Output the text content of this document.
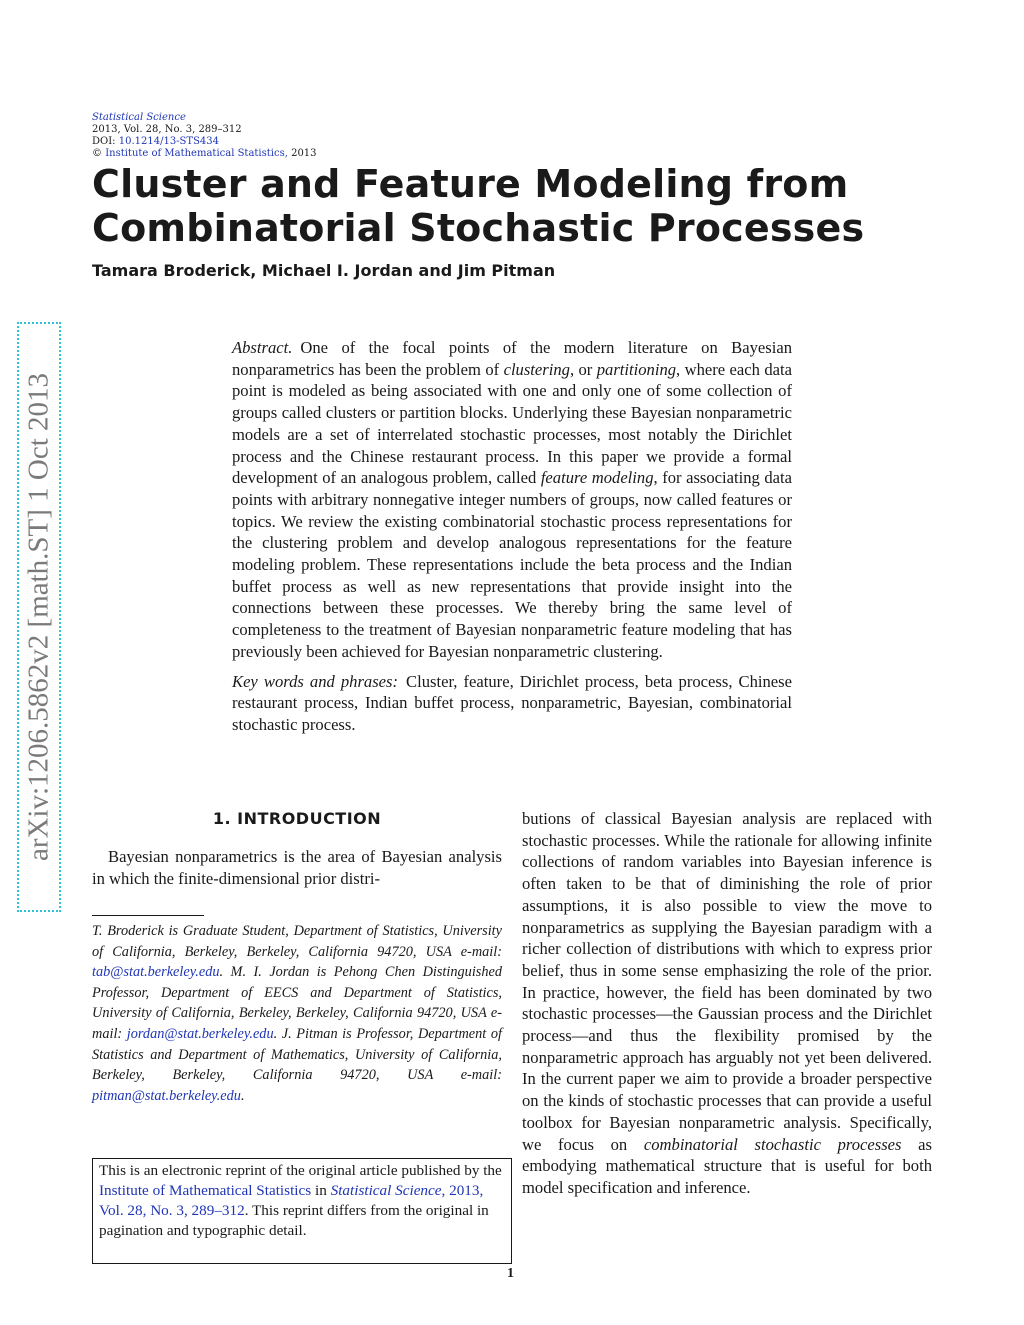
arXiv:1206.5862v2 [math.ST] 1 Oct 2013
Statistical Science
2013, Vol. 28, No. 3, 289–312
DOI: 10.1214/13-STS434
© Institute of Mathematical Statistics, 2013
Cluster and Feature Modeling from
Combinatorial Stochastic Processes
Tamara Broderick, Michael I. Jordan and Jim Pitman

Abstract. One of the focal points of the modern literature on Bayesian nonparametrics has been the problem of clustering, or partitioning, where each data point is modeled as being associated with one and only one of some collection of groups called clusters or partition blocks. Underlying these Bayesian nonparametric models are a set of interrelated stochastic processes, most notably the Dirichlet process and the Chinese restaurant process. In this paper we provide a formal development of an analogous problem, called feature modeling, for associating data points with arbitrary nonnegative integer numbers of groups, now called features or topics. We review the existing combinatorial stochastic process representations for the clustering problem and develop analogous representations for the feature modeling problem. These representations include the beta process and the Indian buffet process as well as new representations that provide insight into the connections between these processes. We thereby bring the same level of completeness to the treatment of Bayesian nonparametric feature modeling that has previously been achieved for Bayesian nonparametric clustering.

Key words and phrases: Cluster, feature, Dirichlet process, beta process, Chinese restaurant process, Indian buffet process, nonparametric, Bayesian, combinatorial stochastic process.

1. INTRODUCTION

Bayesian nonparametrics is the area of Bayesian analysis in which the finite-dimensional prior distri-

T. Broderick is Graduate Student, Department of Statistics, University of California, Berkeley, Berkeley, California 94720, USA e-mail: tab@stat.berkeley.edu. M. I. Jordan is Pehong Chen Distinguished Professor, Department of EECS and Department of Statistics, University of California, Berkeley, Berkeley, California 94720, USA e-mail: jordan@stat.berkeley.edu. J. Pitman is Professor, Department of Statistics and Department of Mathematics, University of California, Berkeley, Berkeley, California 94720, USA e-mail: pitman@stat.berkeley.edu.

This is an electronic reprint of the original article published by the Institute of Mathematical Statistics in Statistical Science, 2013, Vol. 28, No. 3, 289–312. This reprint differs from the original in pagination and typographic detail.

butions of classical Bayesian analysis are replaced with stochastic processes. While the rationale for allowing infinite collections of random variables into Bayesian inference is often taken to be that of diminishing the role of prior assumptions, it is also possible to view the move to nonparametrics as supplying the Bayesian paradigm with a richer collection of distributions with which to express prior belief, thus in some sense emphasizing the role of the prior. In practice, however, the field has been dominated by two stochastic processes—the Gaussian process and the Dirichlet process—and thus the flexibility promised by the nonparametric approach has arguably not yet been delivered. In the current paper we aim to provide a broader perspective on the kinds of stochastic processes that can provide a useful toolbox for Bayesian nonparametric analysis. Specifically, we focus on combinatorial stochastic processes as embodying mathematical structure that is useful for both model specification and inference.

1
